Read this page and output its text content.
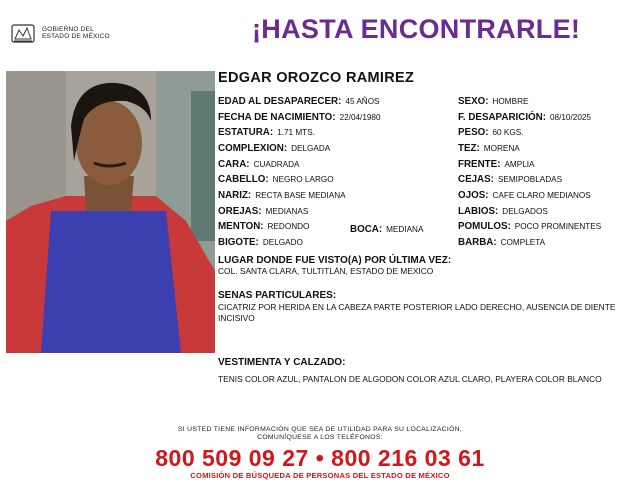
GOBIERNO DEL
ESTADO DE MÉXICO	¡HASTA ENCONTRARLE!
EDGAR OROZCO RAMIREZ
EDAD AL DESAPARECER: 45 AÑOS
FECHA DE NACIMIENTO: 22/04/1980
ESTATURA: 1.71 MTS.
COMPLEXION: DELGADA
CARA: CUADRADA
CABELLO: NEGRO LARGO
NARIZ: RECTA BASE MEDIANA
OREJAS: MEDIANAS
MENTON: REDONDO	BOCA: MEDIANA
BIGOTE: DELGADO
SEXO: HOMBRE
F. DESAPARICIÓN: 08/10/2025
PESO: 60 KGS.
TEZ: MORENA
FRENTE: AMPLIA
CEJAS: SEMIPOBLADAS
OJOS: CAFE CLARO MEDIANOS
LABIOS: DELGADOS
POMULOS: POCO PROMINENTES
BARBA: COMPLETA
LUGAR DONDE FUE VISTO(A) POR ÚLTIMA VEZ:
COL. SANTA CLARA, TULTITLÁN, ESTADO DE MEXICO
SENAS PARTICULARES:
CICATRIZ POR HERIDA EN LA CABEZA PARTE POSTERIOR LADO DERECHO, AUSENCIA DE DIENTE INCISIVO
VESTIMENTA Y CALZADO:
TENIS COLOR AZUL, PANTALON DE ALGODON COLOR AZUL CLARO, PLAYERA COLOR BLANCO
SI USTED TIENE INFORMACIÓN QUE SEA DE UTILIDAD PARA SU LOCALIZACIÓN,
COMUNÍQUESE A LOS TELÉFONOS:
800 509 09 27 • 800 216 03 61
COMISIÓN DE BÚSQUEDA DE PERSONAS DEL ESTADO DE MÉXICO
